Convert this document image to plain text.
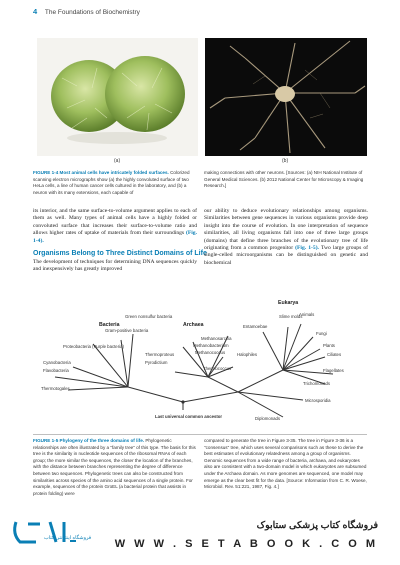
4 The Foundations of Biochemistry
(a)	(b)
FIGURE 1-4 Most animal cells have intricately folded surfaces. Colorized scanning electron micrographs show (a) the highly convoluted surface of two HeLa cells, a line of human cancer cells cultured in the laboratory, and (b) a neuron with its many extensions, each capable of
making connections with other neurons. [Sources: (a) NIH National Institute of General Medical Sciences. (b) 2012 National Center for Microscopy & Imaging Research.]
its interior, and the same surface-to-volume argument applies to each of them as well. Many types of animal cells have a highly folded or convoluted surface that increases their surface-to-volume ratio and allows higher rates of uptake of materials from their surroundings (Fig. 1-4).
Organisms Belong to Three Distinct Domains of Life
The development of techniques for determining DNA sequences quickly and inexpensively has greatly improved
our ability to deduce evolutionary relationships among organisms. Similarities between gene sequences in various organisms provide deep insight into the course of evolution. In one interpretation of sequence similarities, all living organisms fall into one of three large groups (domains) that define three branches of the evolutionary tree of life originating from a common progenitor (Fig. 1-5). Two large groups of single-celled microorganisms can be distinguished on genetic and biochemical
Bacteria	Archaea
Eukarya
Green nonsulfur bacteria
Gram-positive bacteria
Proteobacteria (Purple bacteria)
Cyanobacteria
Flavobacteria
Thermotogales
Methanosarcina
Methanobacterium
Methanococcus	Halophiles
Thermoproteus
Pyrodictium
Thermococcus
Entamoebae
Slime molds
Animals
Fungi
Plants
Ciliates
Flagellates
Trichomonads
Microsporidia
Diplomonads
Last universal common ancestor
FIGURE 1-5 Phylogeny of the three domains of life. Phylogenetic relationships are often illustrated by a "family tree" of this type. The basis for this tree is the similarity in nucleotide sequences of the ribosomal RNAs of each group; the more similar the sequences, the closer the location of the branches, with the distance between branches representing the degree of difference between two sequences. Phylogenetic trees can also be constructed from similarities across species of the amino acid sequences of a single protein. For example, sequences of the protein GroEL (a bacterial protein that assists in protein folding) were
compared to generate the tree in Figure 3-35. The tree in Figure 3-36 is a "consensus" tree, which uses several comparisons such as these to derive the best estimates of evolutionary relatedness among a group of organisms. Genomic sequences from a wide range of bacteria, archaea, and eukaryotes also are consistent with a two-domain model in which eukaryotes are subsumed under the Archaea domain. As more genomes are sequenced, one model may emerge as the clear best fit for the data. [Source: Information from C. R. Woese, Microbiol. Rev. 51:221, 1987, Fig. 4.]
فروشگاه اینترنتی کتاب
فروشگاه کتاب پزشکی ستابوک
W W W . S E T A B O O K . C O M
